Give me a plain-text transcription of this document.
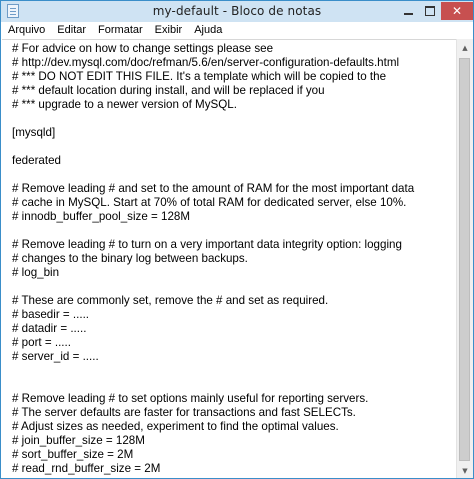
my-default - Bloco de notas	✕
Arquivo	Editar	Formatar	Exibir	Ajuda
# For advice on how to change settings please see
# http://dev.mysql.com/doc/refman/5.6/en/server-configuration-defaults.html
# *** DO NOT EDIT THIS FILE. It's a template which will be copied to the
# *** default location during install, and will be replaced if you
# *** upgrade to a newer version of MySQL.
[mysqld]
federated
# Remove leading # and set to the amount of RAM for the most important data
# cache in MySQL. Start at 70% of total RAM for dedicated server, else 10%.
# innodb_buffer_pool_size = 128M
# Remove leading # to turn on a very important data integrity option: logging
# changes to the binary log between backups.
# log_bin
# These are commonly set, remove the # and set as required.
# basedir = .....
# datadir = .....
# port = .....
# server_id = .....
# Remove leading # to set options mainly useful for reporting servers.
# The server defaults are faster for transactions and fast SELECTs.
# Adjust sizes as needed, experiment to find the optimal values.
# join_buffer_size = 128M
# sort_buffer_size = 2M
# read_rnd_buffer_size = 2M
▲
▼
